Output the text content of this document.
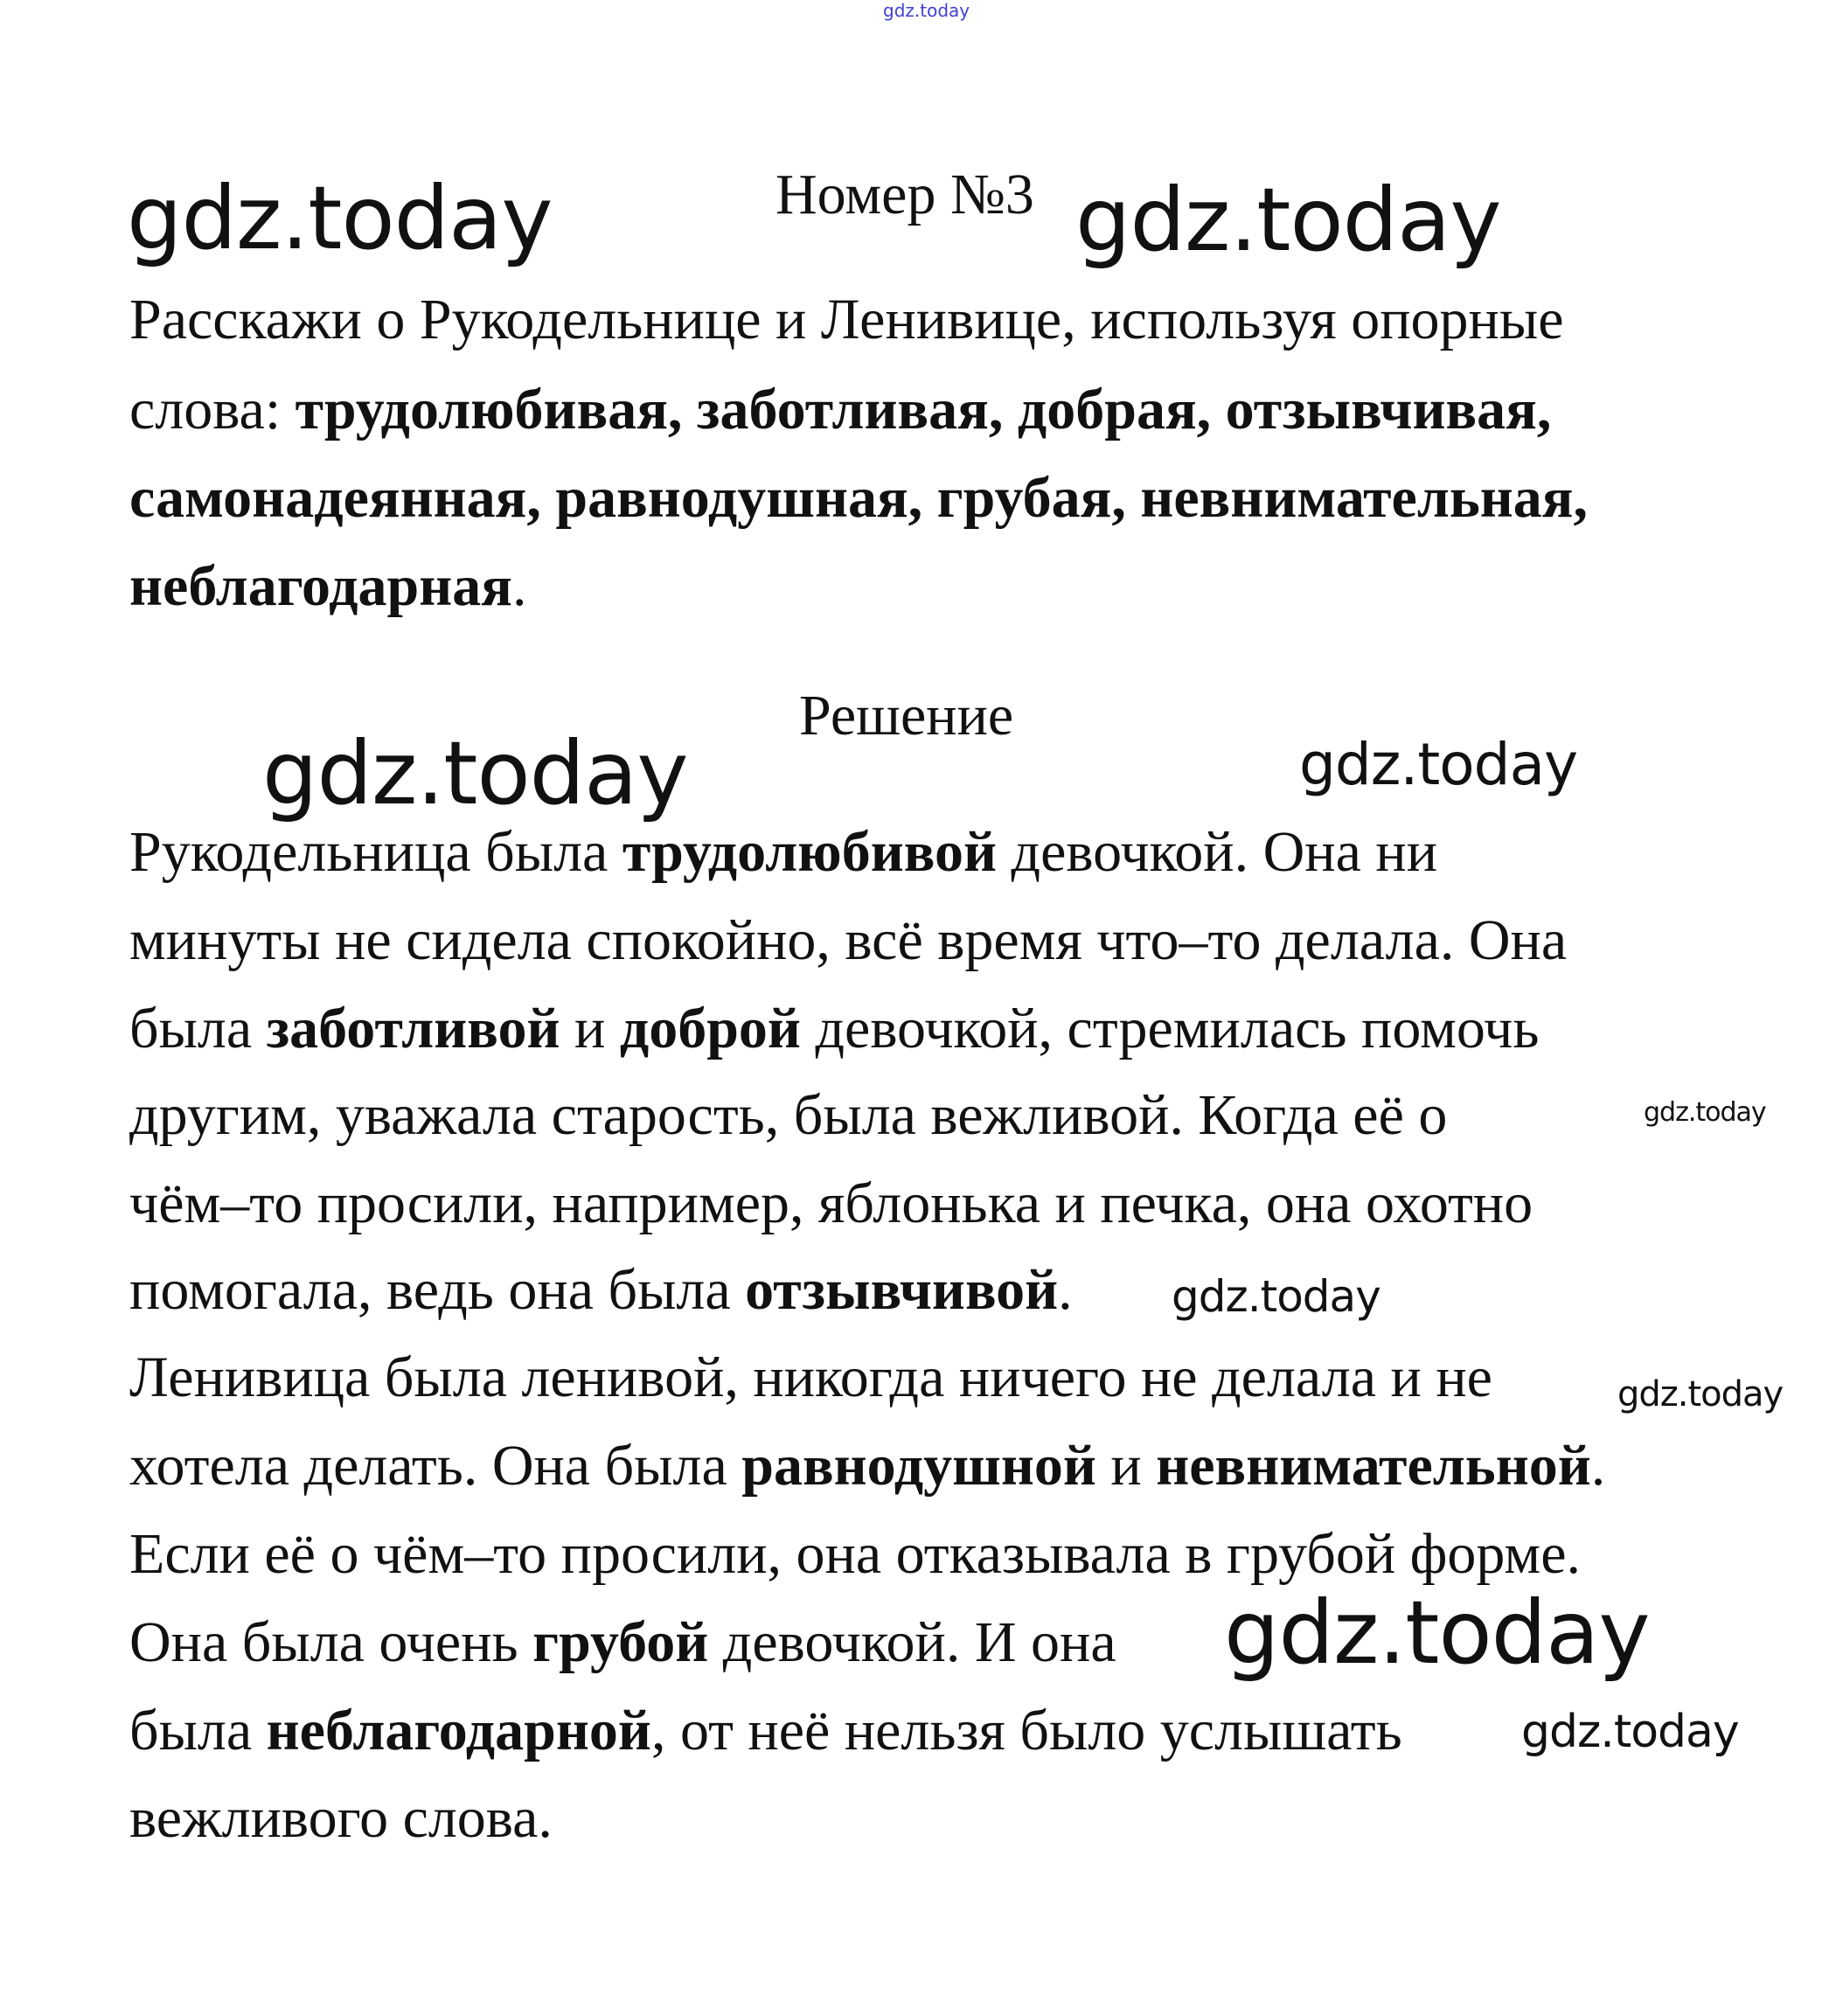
gdz.today
gdz.today	gdz.today
gdz.today	gdz.today
gdz.today
gdz.today
gdz.today
gdz.today
gdz.today
Номер №3
Решение
Расскажи о Рукодельнице и Ленивице, используя опорные
слова: трудолюбивая, заботливая, добрая, отзывчивая,
самонадеянная, равнодушная, грубая, невнимательная,
неблагодарная.
Рукодельница была трудолюбивой девочкой. Она ни
минуты не сидела спокойно, всё время что–то делала. Она
была заботливой и доброй девочкой, стремилась помочь
другим, уважала старость, была вежливой. Когда её о
чём–то просили, например, яблонька и печка, она охотно
помогала, ведь она была отзывчивой.
Ленивица была ленивой, никогда ничего не делала и не
хотела делать. Она была равнодушной и невнимательной.
Если её о чём–то просили, она отказывала в грубой форме.
Она была очень грубой девочкой. И она
была неблагодарной, от неё нельзя было услышать
вежливого слова.
